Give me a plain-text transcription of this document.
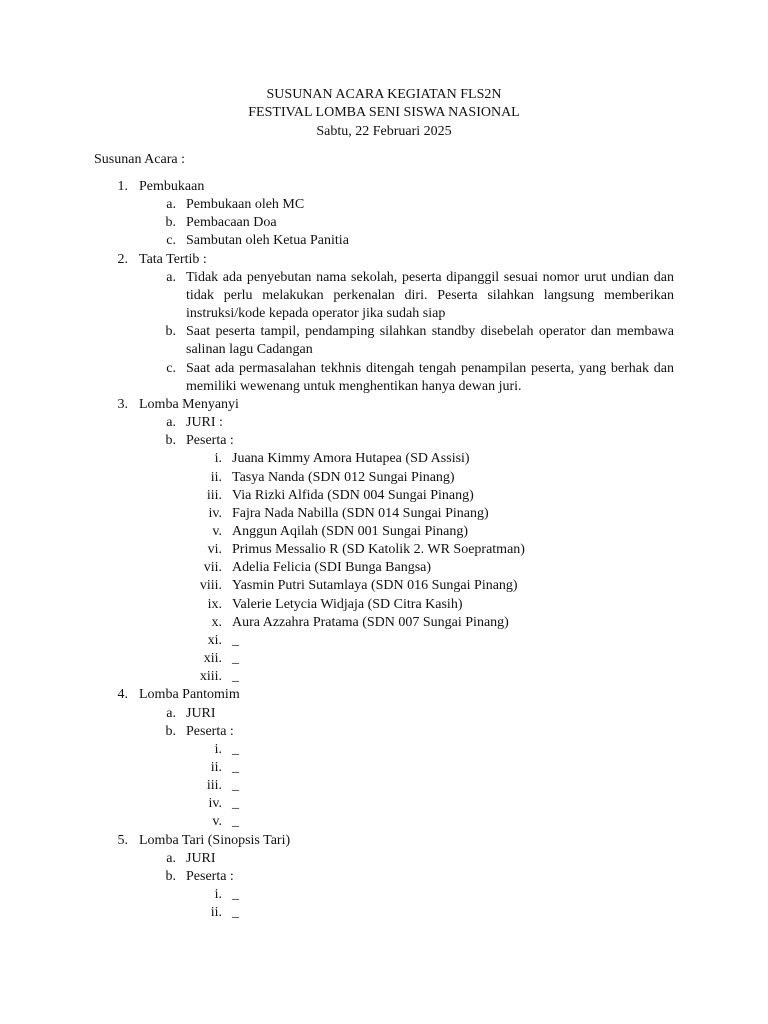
SUSUNAN ACARA KEGIATAN FLS2N
FESTIVAL LOMBA SENI SISWA NASIONAL
Sabtu, 22 Februari 2025
Susunan Acara :
1. Pembukaan
a. Pembukaan oleh MC
b. Pembacaan Doa
c. Sambutan oleh Ketua Panitia
2. Tata Tertib :
a. Tidak ada penyebutan nama sekolah, peserta dipanggil sesuai nomor urut undian dan tidak perlu melakukan perkenalan diri. Peserta silahkan langsung memberikan instruksi/kode kepada operator jika sudah siap
b. Saat peserta tampil, pendamping silahkan standby disebelah operator dan membawa salinan lagu Cadangan
c. Saat ada permasalahan tekhnis ditengah tengah penampilan peserta, yang berhak dan memiliki wewenang untuk menghentikan hanya dewan juri.
3. Lomba Menyanyi
a. JURI :
b. Peserta :
i. Juana Kimmy Amora Hutapea (SD Assisi)
ii. Tasya Nanda (SDN 012 Sungai Pinang)
iii. Via Rizki Alfida (SDN 004 Sungai Pinang)
iv. Fajra Nada Nabilla (SDN 014 Sungai Pinang)
v. Anggun Aqilah (SDN 001 Sungai Pinang)
vi. Primus Messalio R (SD Katolik 2. WR Soepratman)
vii. Adelia Felicia (SDI Bunga Bangsa)
viii. Yasmin Putri Sutamlaya (SDN 016 Sungai Pinang)
ix. Valerie Letycia Widjaja (SD Citra Kasih)
x. Aura Azzahra Pratama (SDN 007 Sungai Pinang)
xi. _
xii. _
xiii. _
4. Lomba Pantomim
a. JURI
b. Peserta :
i. _
ii. _
iii. _
iv. _
v. _
5. Lomba Tari (Sinopsis Tari)
a. JURI
b. Peserta :
i. _
ii. _
